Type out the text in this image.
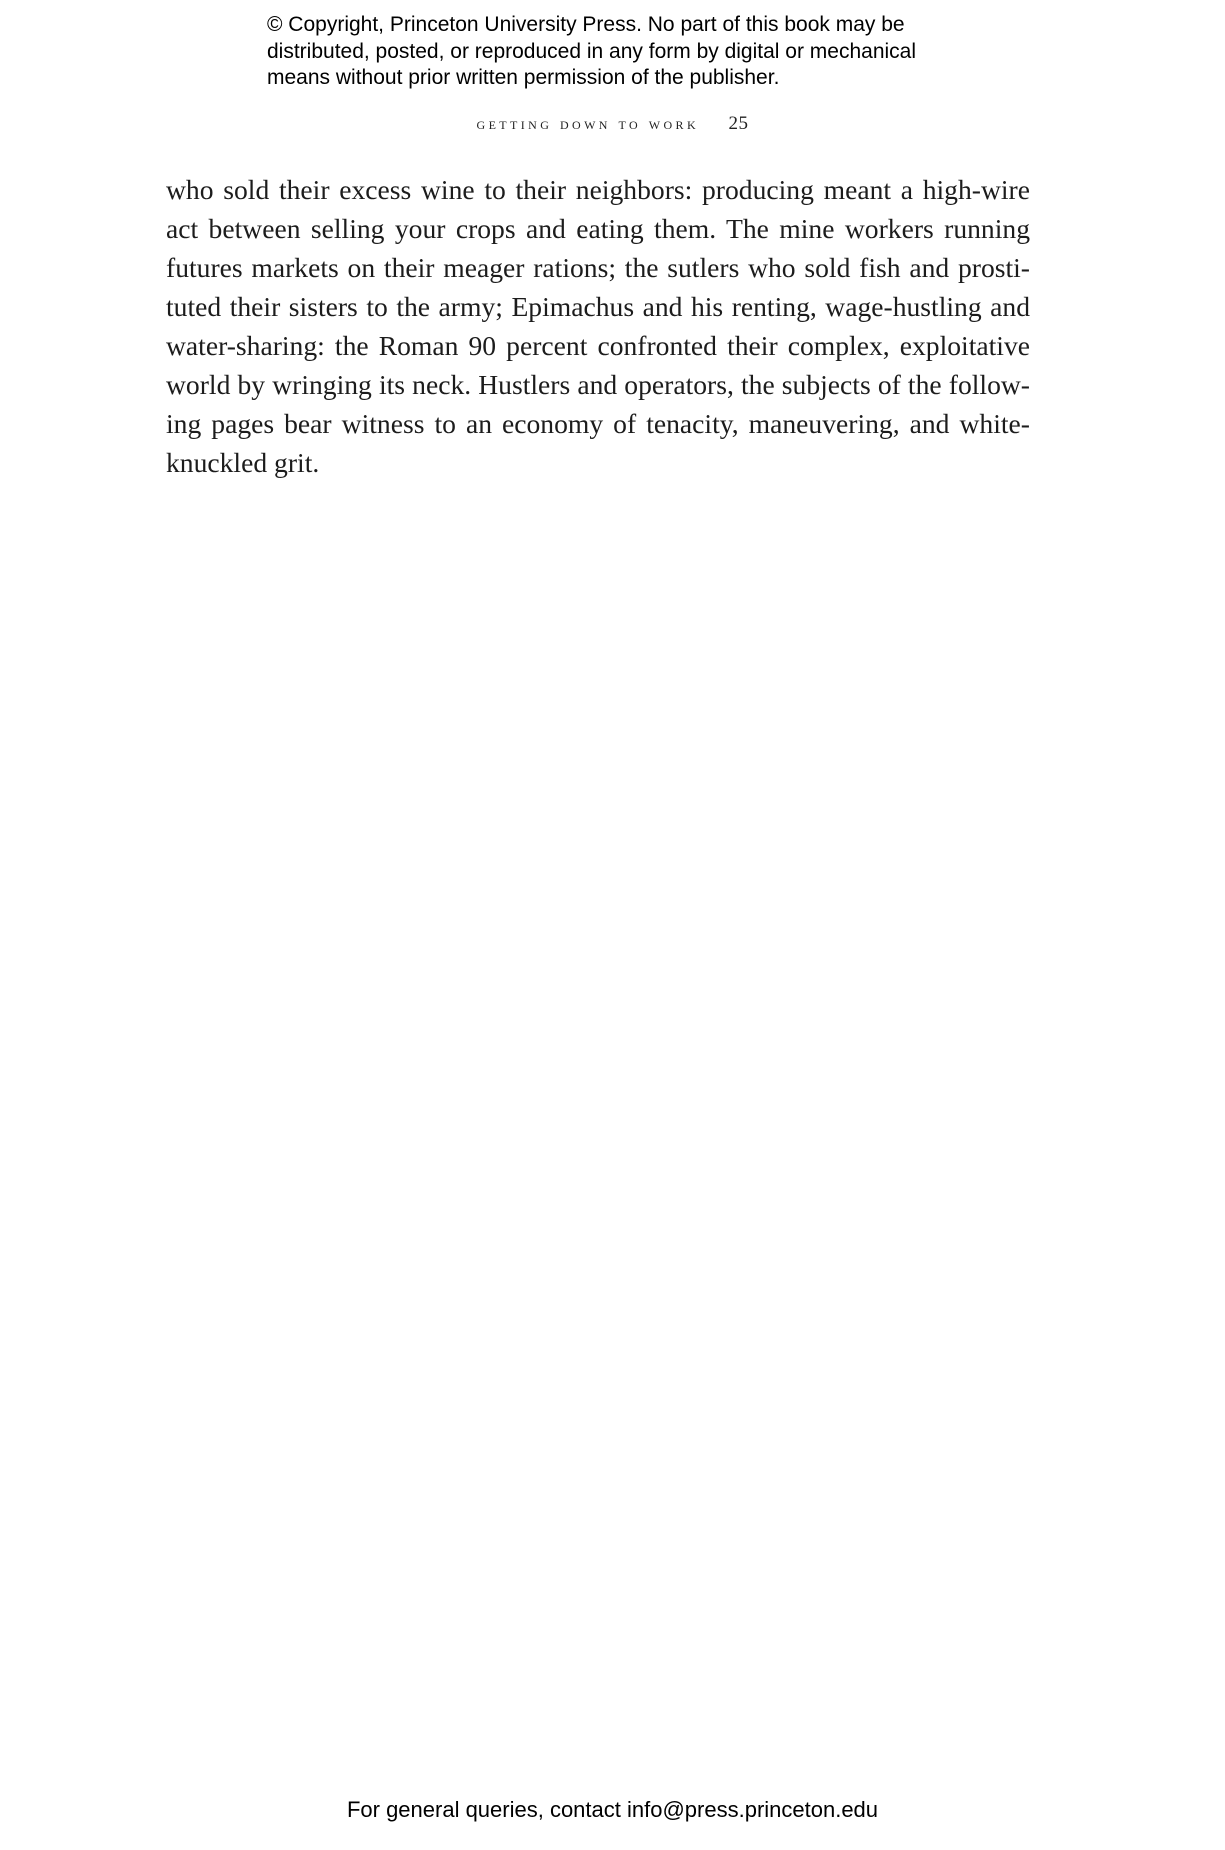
© Copyright, Princeton University Press. No part of this book may be
distributed, posted, or reproduced in any form by digital or mechanical
means without prior written permission of the publisher.
getting down to work 25
who sold their excess wine to their neighbors: producing meant a high-wire
act between selling your crops and eating them. The mine workers running
futures markets on their meager rations; the sutlers who sold fish and prosti-
tuted their sisters to the army; Epimachus and his renting, wage-hustling and
water-sharing: the Roman 90 percent confronted their complex, exploitative
world by wringing its neck. Hustlers and operators, the subjects of the follow-
ing pages bear witness to an economy of tenacity, maneuvering, and white-
knuckled grit.
For general queries, contact info@press.princeton.edu
